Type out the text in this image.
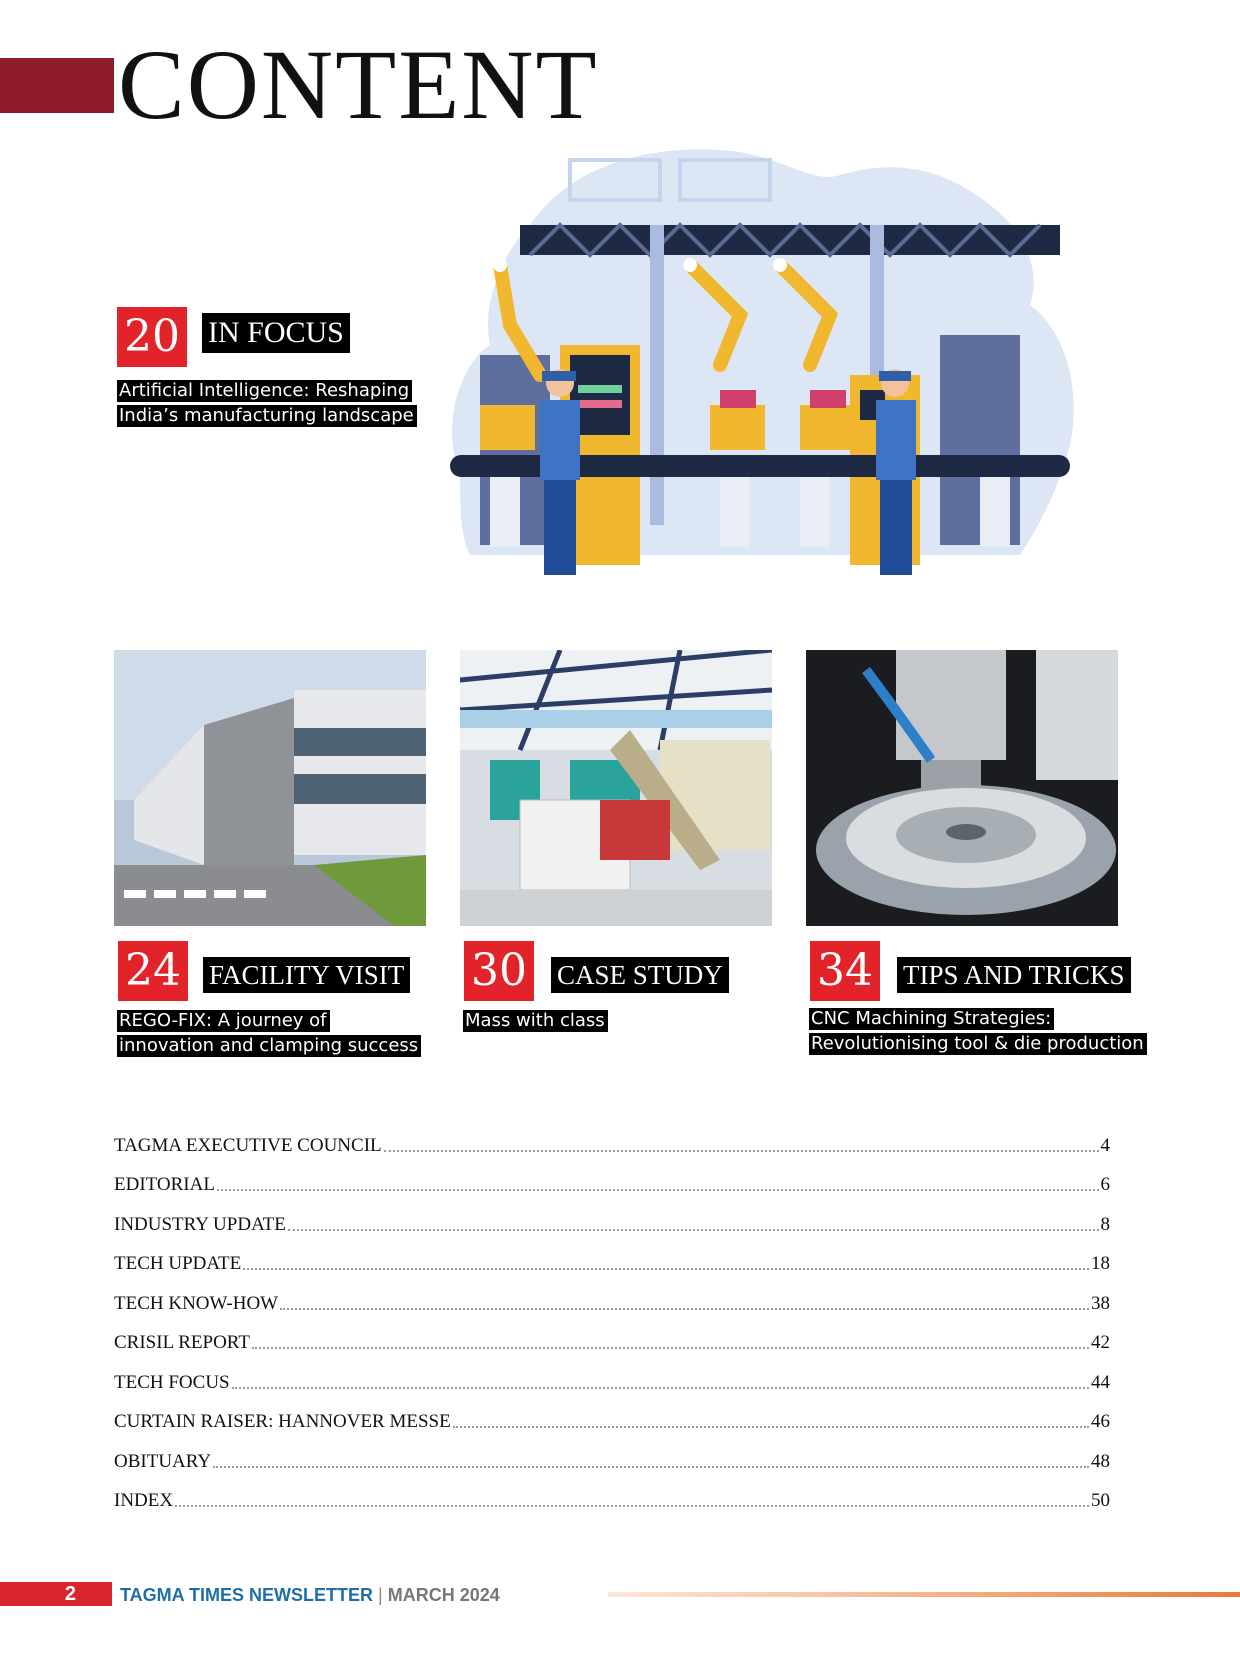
CONTENT
20 IN FOCUS
Artificial Intelligence: Reshaping
India’s manufacturing landscape
24 FACILITY VISIT
REGO-FIX: A journey of
innovation and clamping success
30 CASE STUDY
Mass with class
34 TIPS AND TRICKS
CNC Machining Strategies:
Revolutionising tool & die production
TAGMA EXECUTIVE COUNCIL	4
EDITORIAL	6
INDUSTRY UPDATE	8
TECH UPDATE	18
TECH KNOW-HOW	38
CRISIL REPORT	42
TECH FOCUS	44
CURTAIN RAISER: HANNOVER MESSE	46
OBITUARY	48
INDEX	50
2	TAGMA TIMES NEWSLETTER | MARCH 2024
